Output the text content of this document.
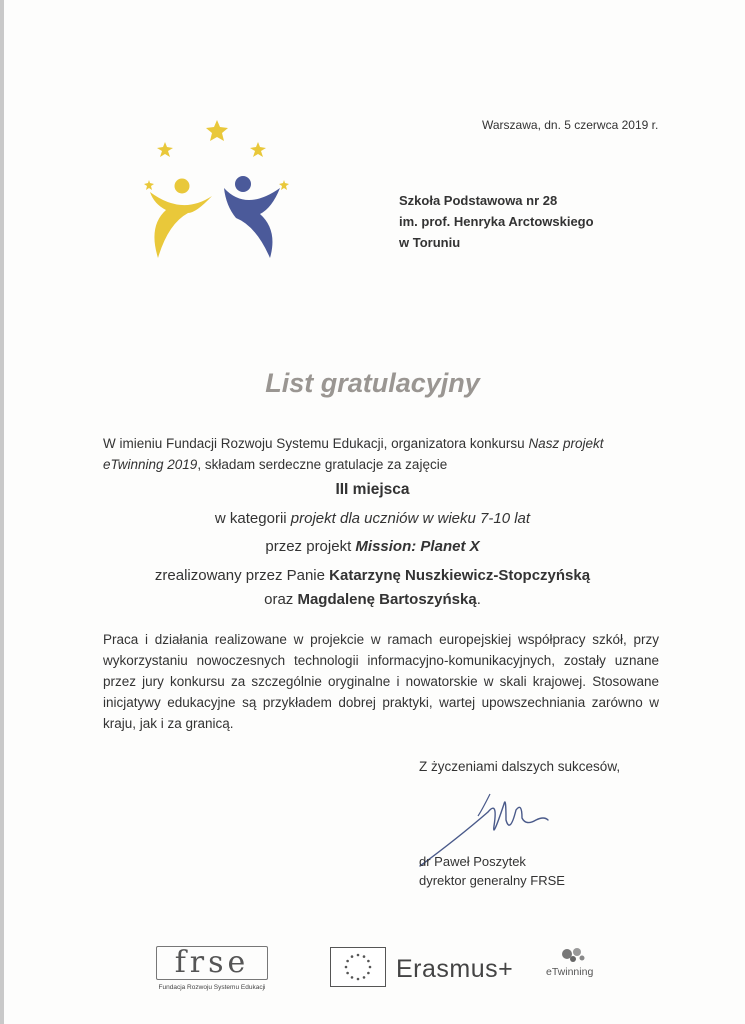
Warszawa, dn. 5 czerwca 2019 r.
Szkoła Podstawowa nr 28
im. prof. Henryka Arctowskiego
w Toruniu
List gratulacyjny
W imieniu Fundacji Rozwoju Systemu Edukacji, organizatora konkursu Nasz projekt eTwinning 2019, składam serdeczne gratulacje za zajęcie
III miejsca
w kategorii projekt dla uczniów w wieku 7-10 lat
przez projekt Mission: Planet X
zrealizowany przez Panie Katarzynę Nuszkiewicz-Stopczyńską
oraz Magdalenę Bartoszyńską.
Praca i działania realizowane w projekcie w ramach europejskiej współpracy szkół, przy wykorzystaniu nowoczesnych technologii informacyjno-komunikacyjnych, zostały uznane przez jury konkursu za szczególnie oryginalne i nowatorskie w skali krajowej. Stosowane inicjatywy edukacyjne są przykładem dobrej praktyki, wartej upowszechniania zarówno w kraju, jak i za granicą.
Z życzeniami dalszych sukcesów,
dr Paweł Poszytek
dyrektor generalny FRSE
frse
Fundacja Rozwoju Systemu Edukacji
Erasmus+	eTwinning
